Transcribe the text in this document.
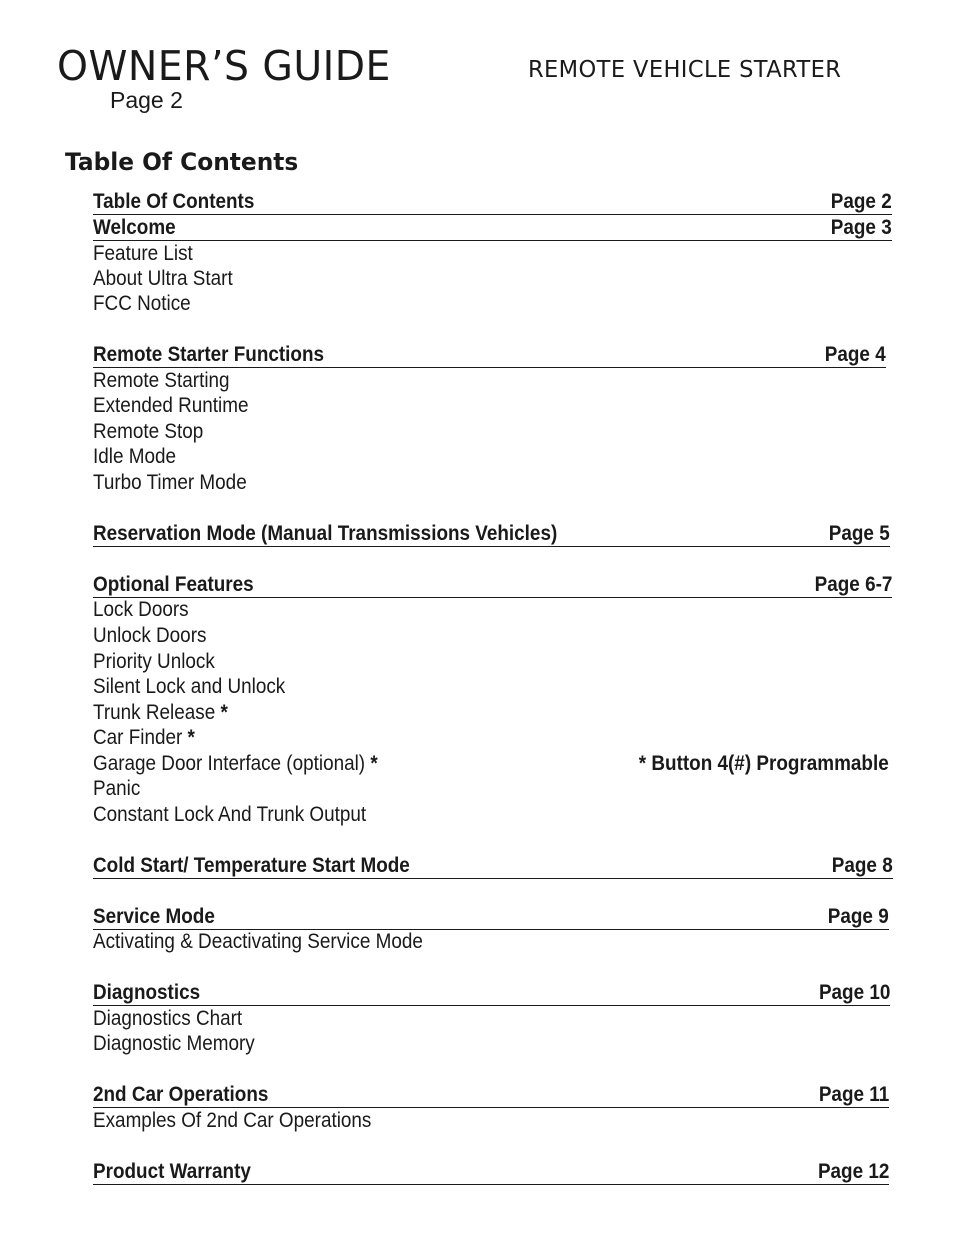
OWNER’S GUIDE
Page 2
REMOTE VEHICLE STARTER
Table Of Contents
Table Of Contents	Page 2
Welcome	Page 3
Feature List
About Ultra Start
FCC Notice
Remote Starter Functions	Page 4
Remote Starting
Extended Runtime
Remote Stop
Idle Mode
Turbo Timer Mode
Reservation Mode (Manual Transmissions Vehicles)	Page 5
Optional Features	Page 6-7
Lock Doors
Unlock Doors
Priority Unlock
Silent Lock and Unlock
Trunk Release *
Car Finder *
Garage Door Interface (optional) *	* Button 4(#) Programmable
Panic
Constant Lock And Trunk Output
Cold Start/ Temperature Start Mode	Page 8
Service Mode	Page 9
Activating & Deactivating Service Mode
Diagnostics	Page 10
Diagnostics Chart
Diagnostic Memory
2nd Car Operations	Page 11
Examples Of 2nd Car Operations
Product Warranty	Page 12
